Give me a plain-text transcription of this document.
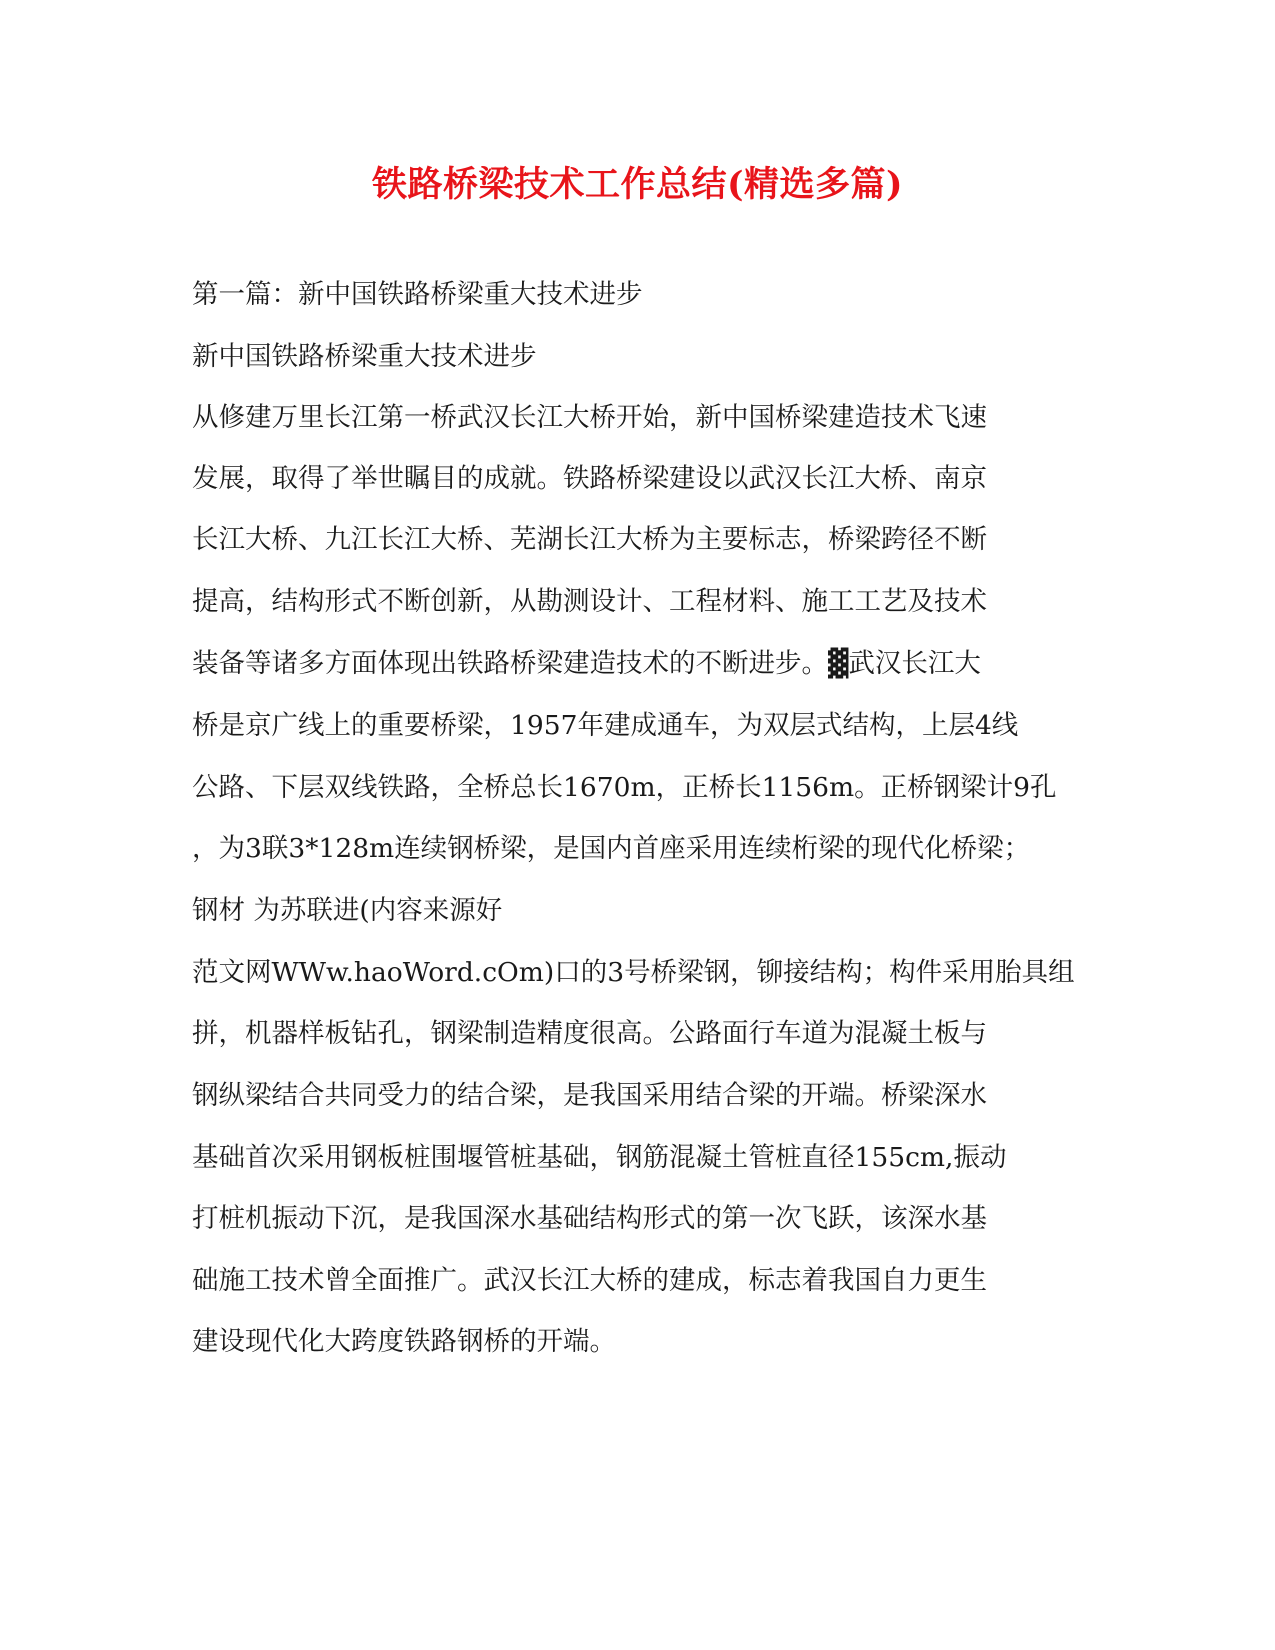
铁路桥梁技术工作总结(精选多篇)
第一篇：新中国铁路桥梁重大技术进步
新中国铁路桥梁重大技术进步
从修建万里长江第一桥武汉长江大桥开始，新中国桥梁建造技术飞速
发展，取得了举世瞩目的成就。铁路桥梁建设以武汉长江大桥、南京
长江大桥、九江长江大桥、芜湖长江大桥为主要标志，桥梁跨径不断
提高，结构形式不断创新，从勘测设计、工程材料、施工工艺及技术
装备等诸多方面体现出铁路桥梁建造技术的不断进步。▓武汉长江大
桥是京广线上的重要桥梁，1957年建成通车，为双层式结构，上层4线
公路、下层双线铁路，全桥总长1670m，正桥长1156m。正桥钢梁计9孔
，为3联3*128m连续钢桥梁，是国内首座采用连续桁梁的现代化桥梁；
钢材 为苏联进(内容来源好
范文网WWw.haoWord.cOm)口的3号桥梁钢，铆接结构；构件采用胎具组
拼，机器样板钻孔，钢梁制造精度很高。公路面行车道为混凝土板与
钢纵梁结合共同受力的结合梁，是我国采用结合梁的开端。桥梁深水
基础首次采用钢板桩围堰管桩基础，钢筋混凝土管桩直径155cm,振动
打桩机振动下沉，是我国深水基础结构形式的第一次飞跃，该深水基
础施工技术曾全面推广。武汉长江大桥的建成，标志着我国自力更生
建设现代化大跨度铁路钢桥的开端。
